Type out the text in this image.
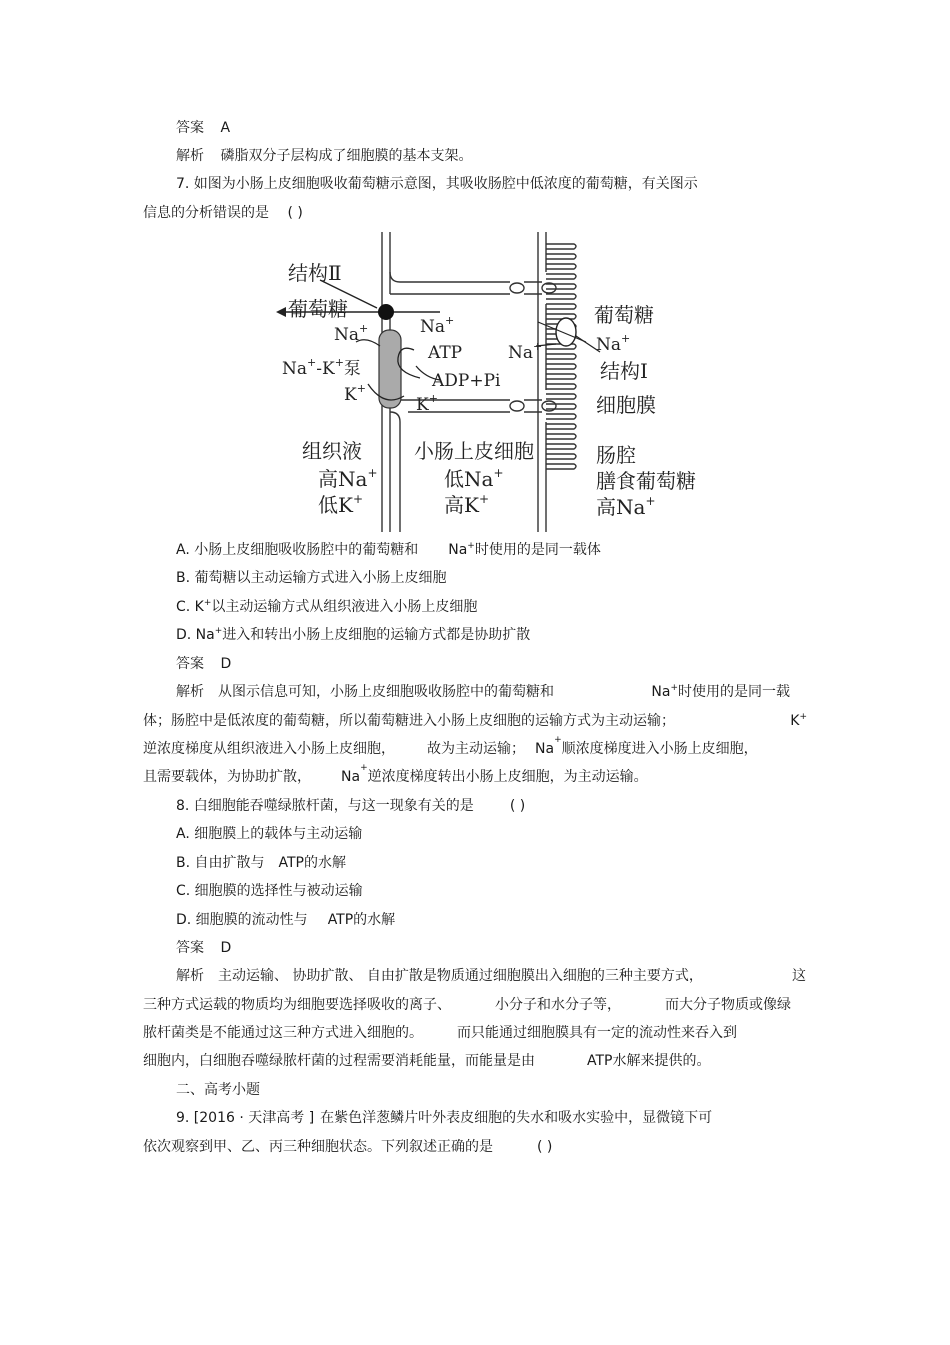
答案 A
解析 磷脂双分子层构成了细胞膜的基本支架。
7. 如图为小肠上皮细胞吸收葡萄糖示意图，其吸收肠腔中低浓度的葡萄糖，有关图示
信息的分析错误的是 ( )
结构Ⅱ
葡萄糖
Na+	Na+
ATP
Na+-K+泵
K+	ADP+Pi
K+
葡萄糖
Na+
Na+
结构Ⅰ
细胞膜
组织液
高Na+
低K+
小肠上皮细胞
低Na+
高K+
肠腔
膳食葡萄糖
高Na+
A. 小肠上皮细胞吸收肠腔中的葡萄糖和 Na+时使用的是同一载体
B. 葡萄糖以主动运输方式进入小肠上皮细胞
C. K+以主动运输方式从组织液进入小肠上皮细胞
D. Na+进入和转出小肠上皮细胞的运输方式都是协助扩散
答案 D
解析 从图示信息可知，小肠上皮细胞吸收肠腔中的葡萄糖和	Na+时使用的是同一载
体；肠腔中是低浓度的葡萄糖，所以葡萄糖进入小肠上皮细胞的运输方式为主动运输；	K+
逆浓度梯度从组织液进入小肠上皮细胞， 故为主动运输； Na
+
顺浓度梯度进入小肠上皮细胞，
且需要载体，为协助扩散， Na
+
逆浓度梯度转出小肠上皮细胞，为主动运输。
8. 白细胞能吞噬绿脓杆菌，与这一现象有关的是	( )
A. 细胞膜上的载体与主动运输
B. 自由扩散与 ATP的水解
C. 细胞膜的选择性与被动运输
D. 细胞膜的流动性与 ATP的水解
答案 D
解析 主动运输、 协助扩散、 自由扩散是物质通过细胞膜出入细胞的三种主要方式，	这
三种方式运载的物质均为细胞要选择吸收的离子、	小分子和水分子等，	而大分子物质或像绿
脓杆菌类是不能通过这三种方式进入细胞的。 而只能通过细胞膜具有一定的流动性来吞入到
细胞内，白细胞吞噬绿脓杆菌的过程需要消耗能量，而能量是由	ATP水解来提供的。
二、高考小题
9. [2016 · 天津高考 ] 在紫色洋葱鳞片叶外表皮细胞的失水和吸水实验中，显微镜下可
依次观察到甲、乙、丙三种细胞状态。下列叙述正确的是	( )
